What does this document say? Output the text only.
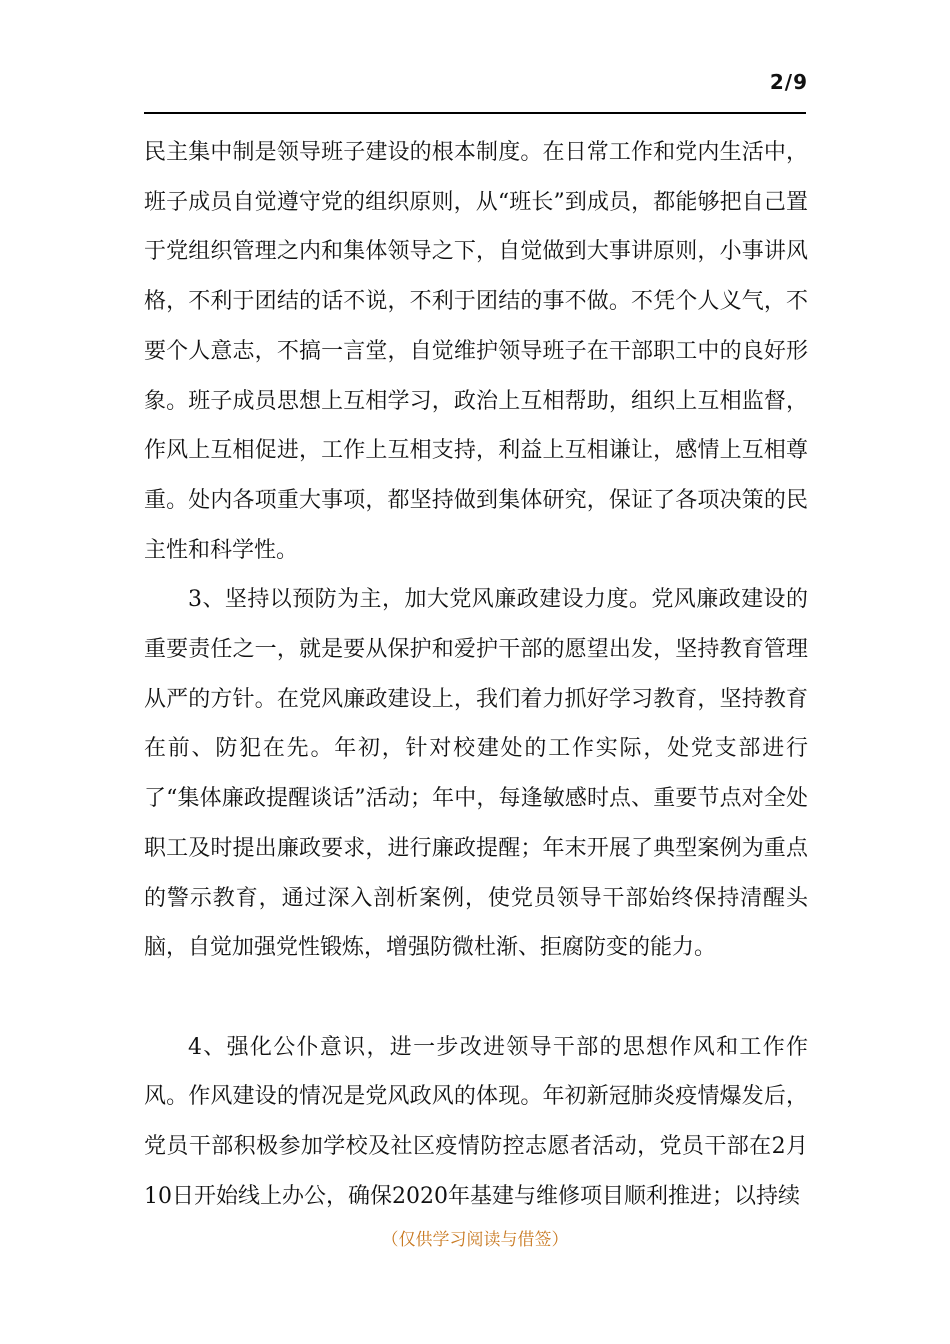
2/9

民主集中制是领导班子建设的根本制度。在日常工作和党内生活中，班子成员自觉遵守党的组织原则，从“班长”到成员，都能够把自己置于党组织管理之内和集体领导之下，自觉做到大事讲原则，小事讲风格，不利于团结的话不说，不利于团结的事不做。不凭个人义气，不要个人意志，不搞一言堂，自觉维护领导班子在干部职工中的良好形象。班子成员思想上互相学习，政治上互相帮助，组织上互相监督，作风上互相促进，工作上互相支持，利益上互相谦让，感情上互相尊重。处内各项重大事项，都坚持做到集体研究，保证了各项决策的民主性和科学性。

3、坚持以预防为主，加大党风廉政建设力度。党风廉政建设的重要责任之一，就是要从保护和爱护干部的愿望出发，坚持教育管理从严的方针。在党风廉政建设上，我们着力抓好学习教育，坚持教育在前、防犯在先。年初，针对校建处的工作实际，处党支部进行了“集体廉政提醒谈话”活动；年中，每逢敏感时点、重要节点对全处职工及时提出廉政要求，进行廉政提醒；年末开展了典型案例为重点的警示教育，通过深入剖析案例，使党员领导干部始终保持清醒头脑，自觉加强党性锻炼，增强防微杜渐、拒腐防变的能力。

4、强化公仆意识，进一步改进领导干部的思想作风和工作作风。作风建设的情况是党风政风的体现。年初新冠肺炎疫情爆发后，党员干部积极参加学校及社区疫情防控志愿者活动，党员干部在2月10日开始线上办公，确保2020年基建与维修项目顺利推进；以持续

（仅供学习阅读与借签）
